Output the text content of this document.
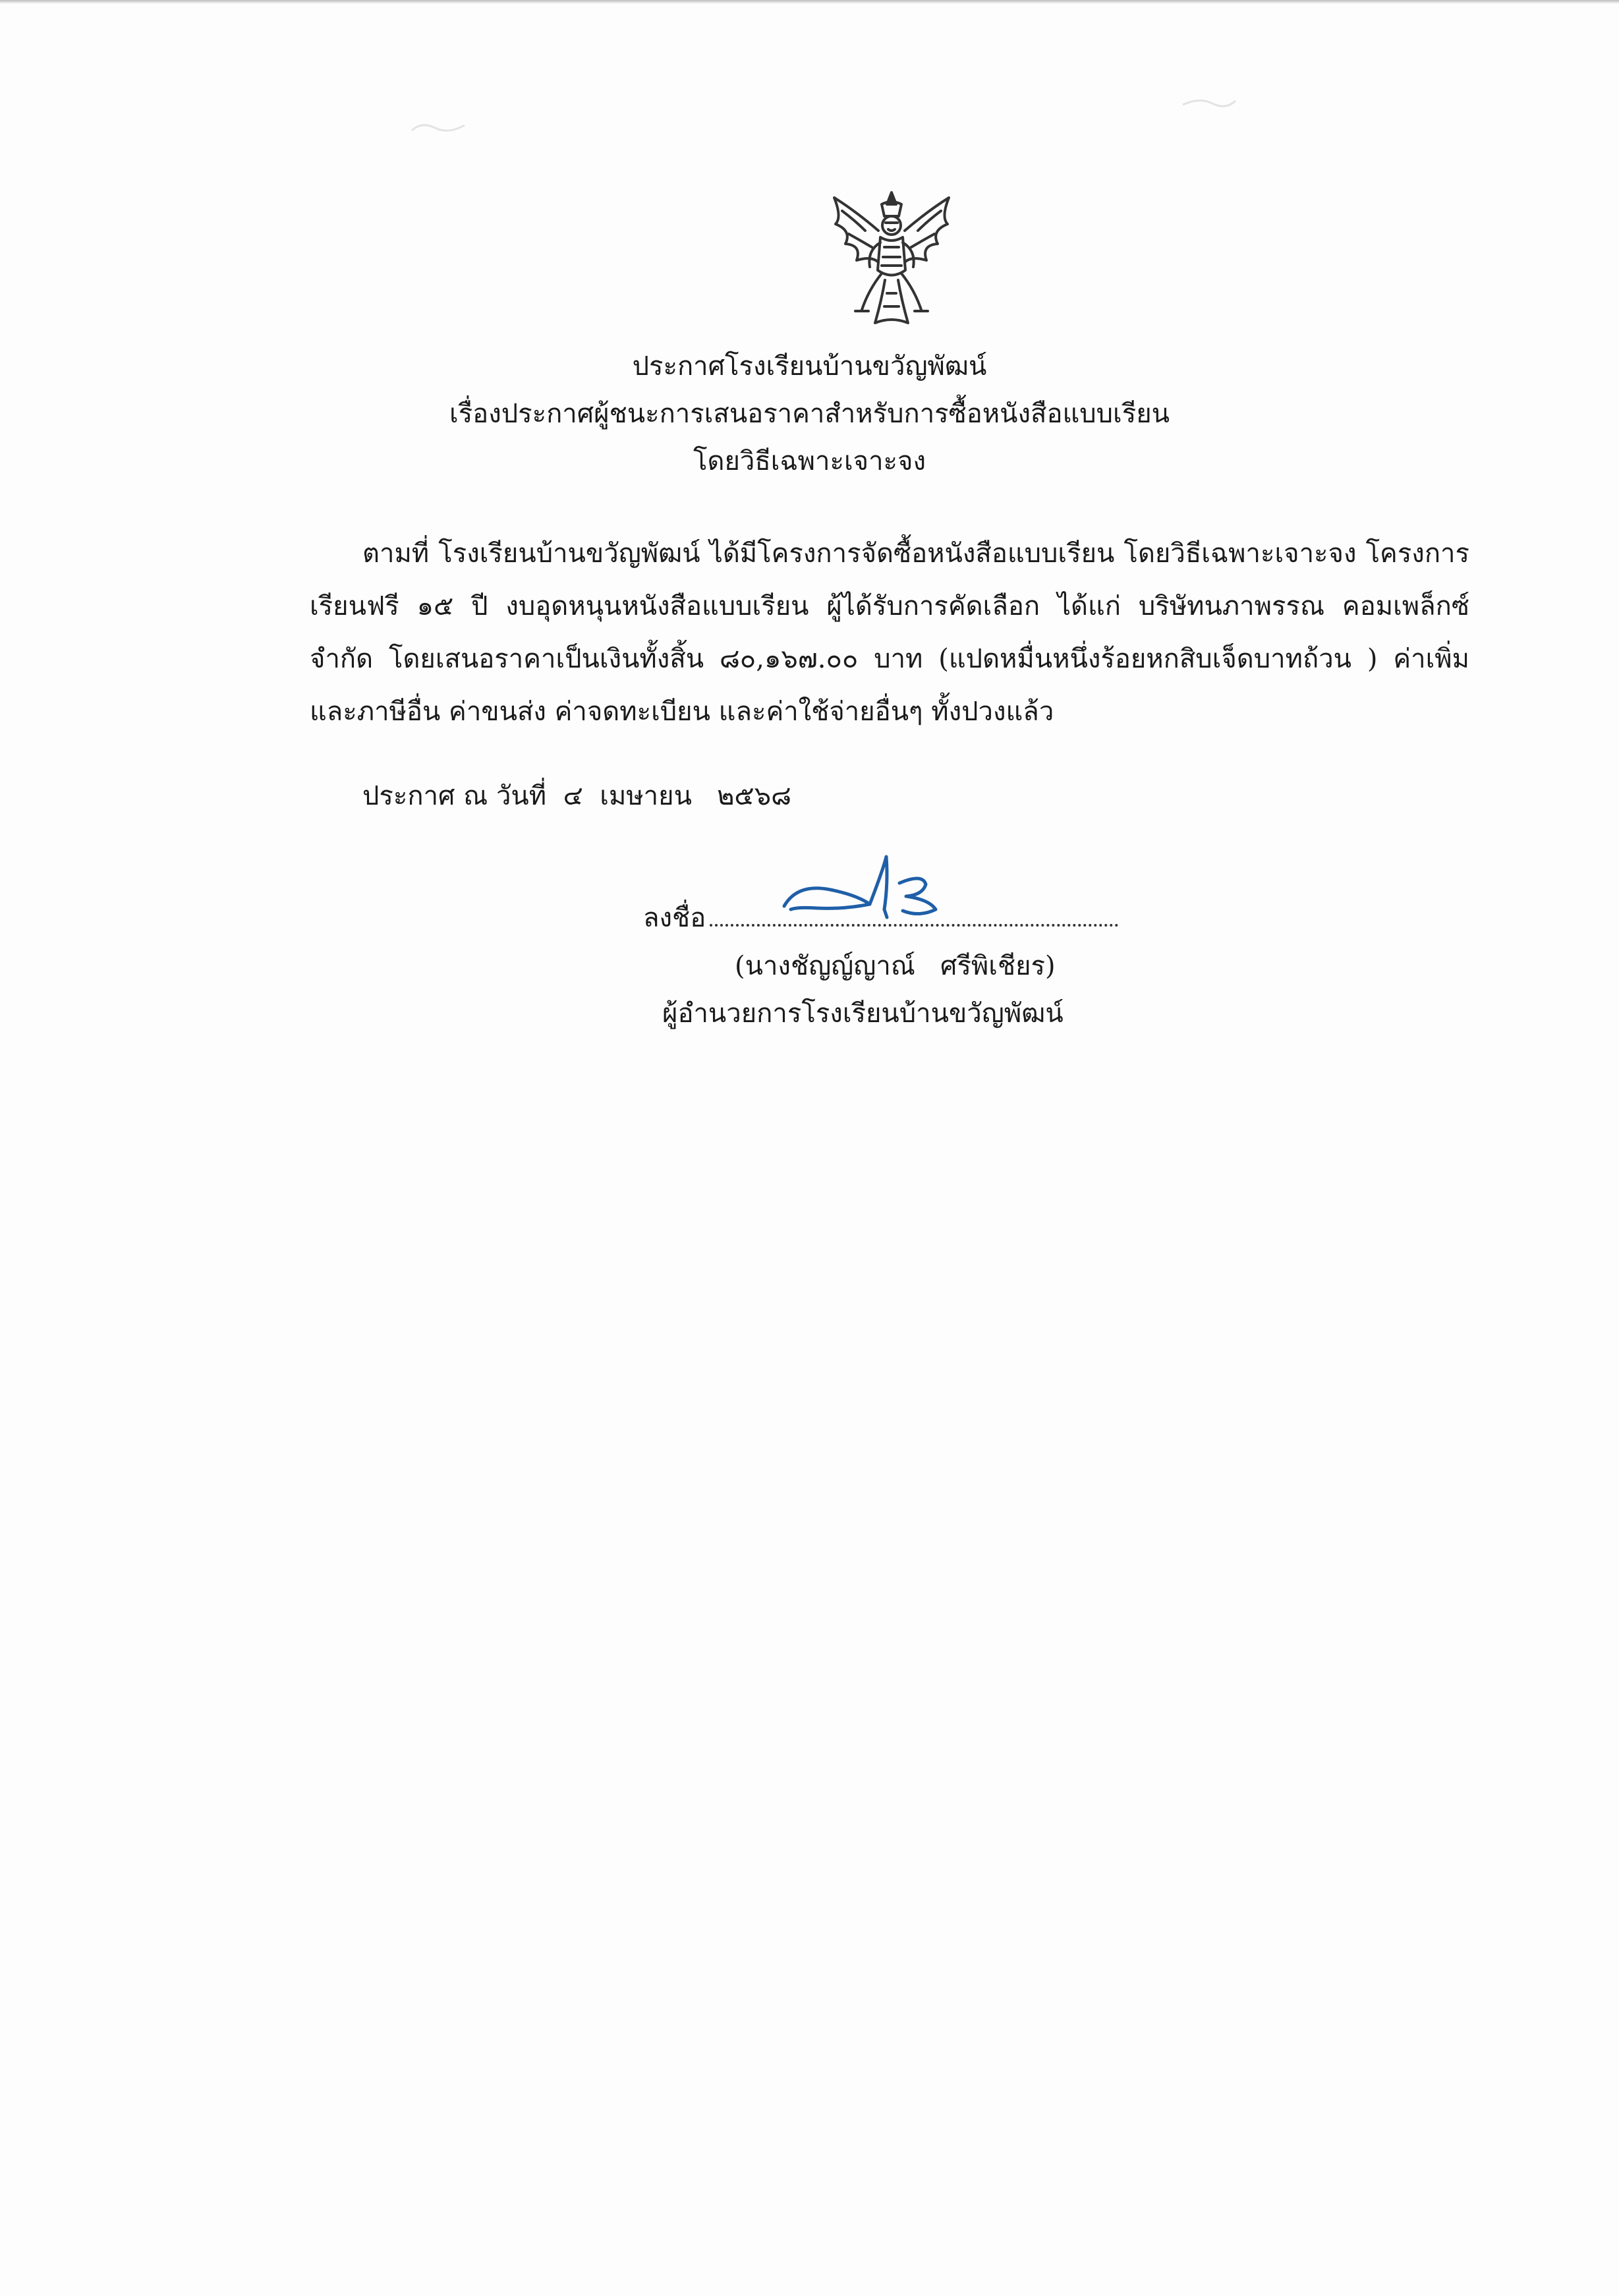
ประกาศโรงเรียนบ้านขวัญพัฒน์
เรื่องประกาศผู้ชนะการเสนอราคาสำหรับการซื้อหนังสือแบบเรียน
โดยวิธีเฉพาะเจาะจง

ตามที่ โรงเรียนบ้านขวัญพัฒน์ ได้มีโครงการจัดซื้อหนังสือแบบเรียน โดยวิธีเฉพาะเจาะจง โครงการเรียนฟรี ๑๕ ปี งบอุดหนุนหนังสือแบบเรียน ผู้ได้รับการคัดเลือก ได้แก่ บริษัทนภาพรรณ คอมเพล็กซ์ จำกัด โดยเสนอราคาเป็นเงินทั้งสิ้น ๘๐,๑๖๗.๐๐ บาท (แปดหมื่นหนึ่งร้อยหกสิบเจ็ดบาทถ้วน ) ค่าเพิ่มและภาษีอื่น ค่าขนส่ง ค่าจดทะเบียน และค่าใช้จ่ายอื่นๆ ทั้งปวงแล้ว

ประกาศ ณ วันที่  ๔  เมษายน   ๒๕๖๘
ลงชื่อ
(นางชัญญ์ญาณ์   ศรีพิเชียร)
ผู้อำนวยการโรงเรียนบ้านขวัญพัฒน์
